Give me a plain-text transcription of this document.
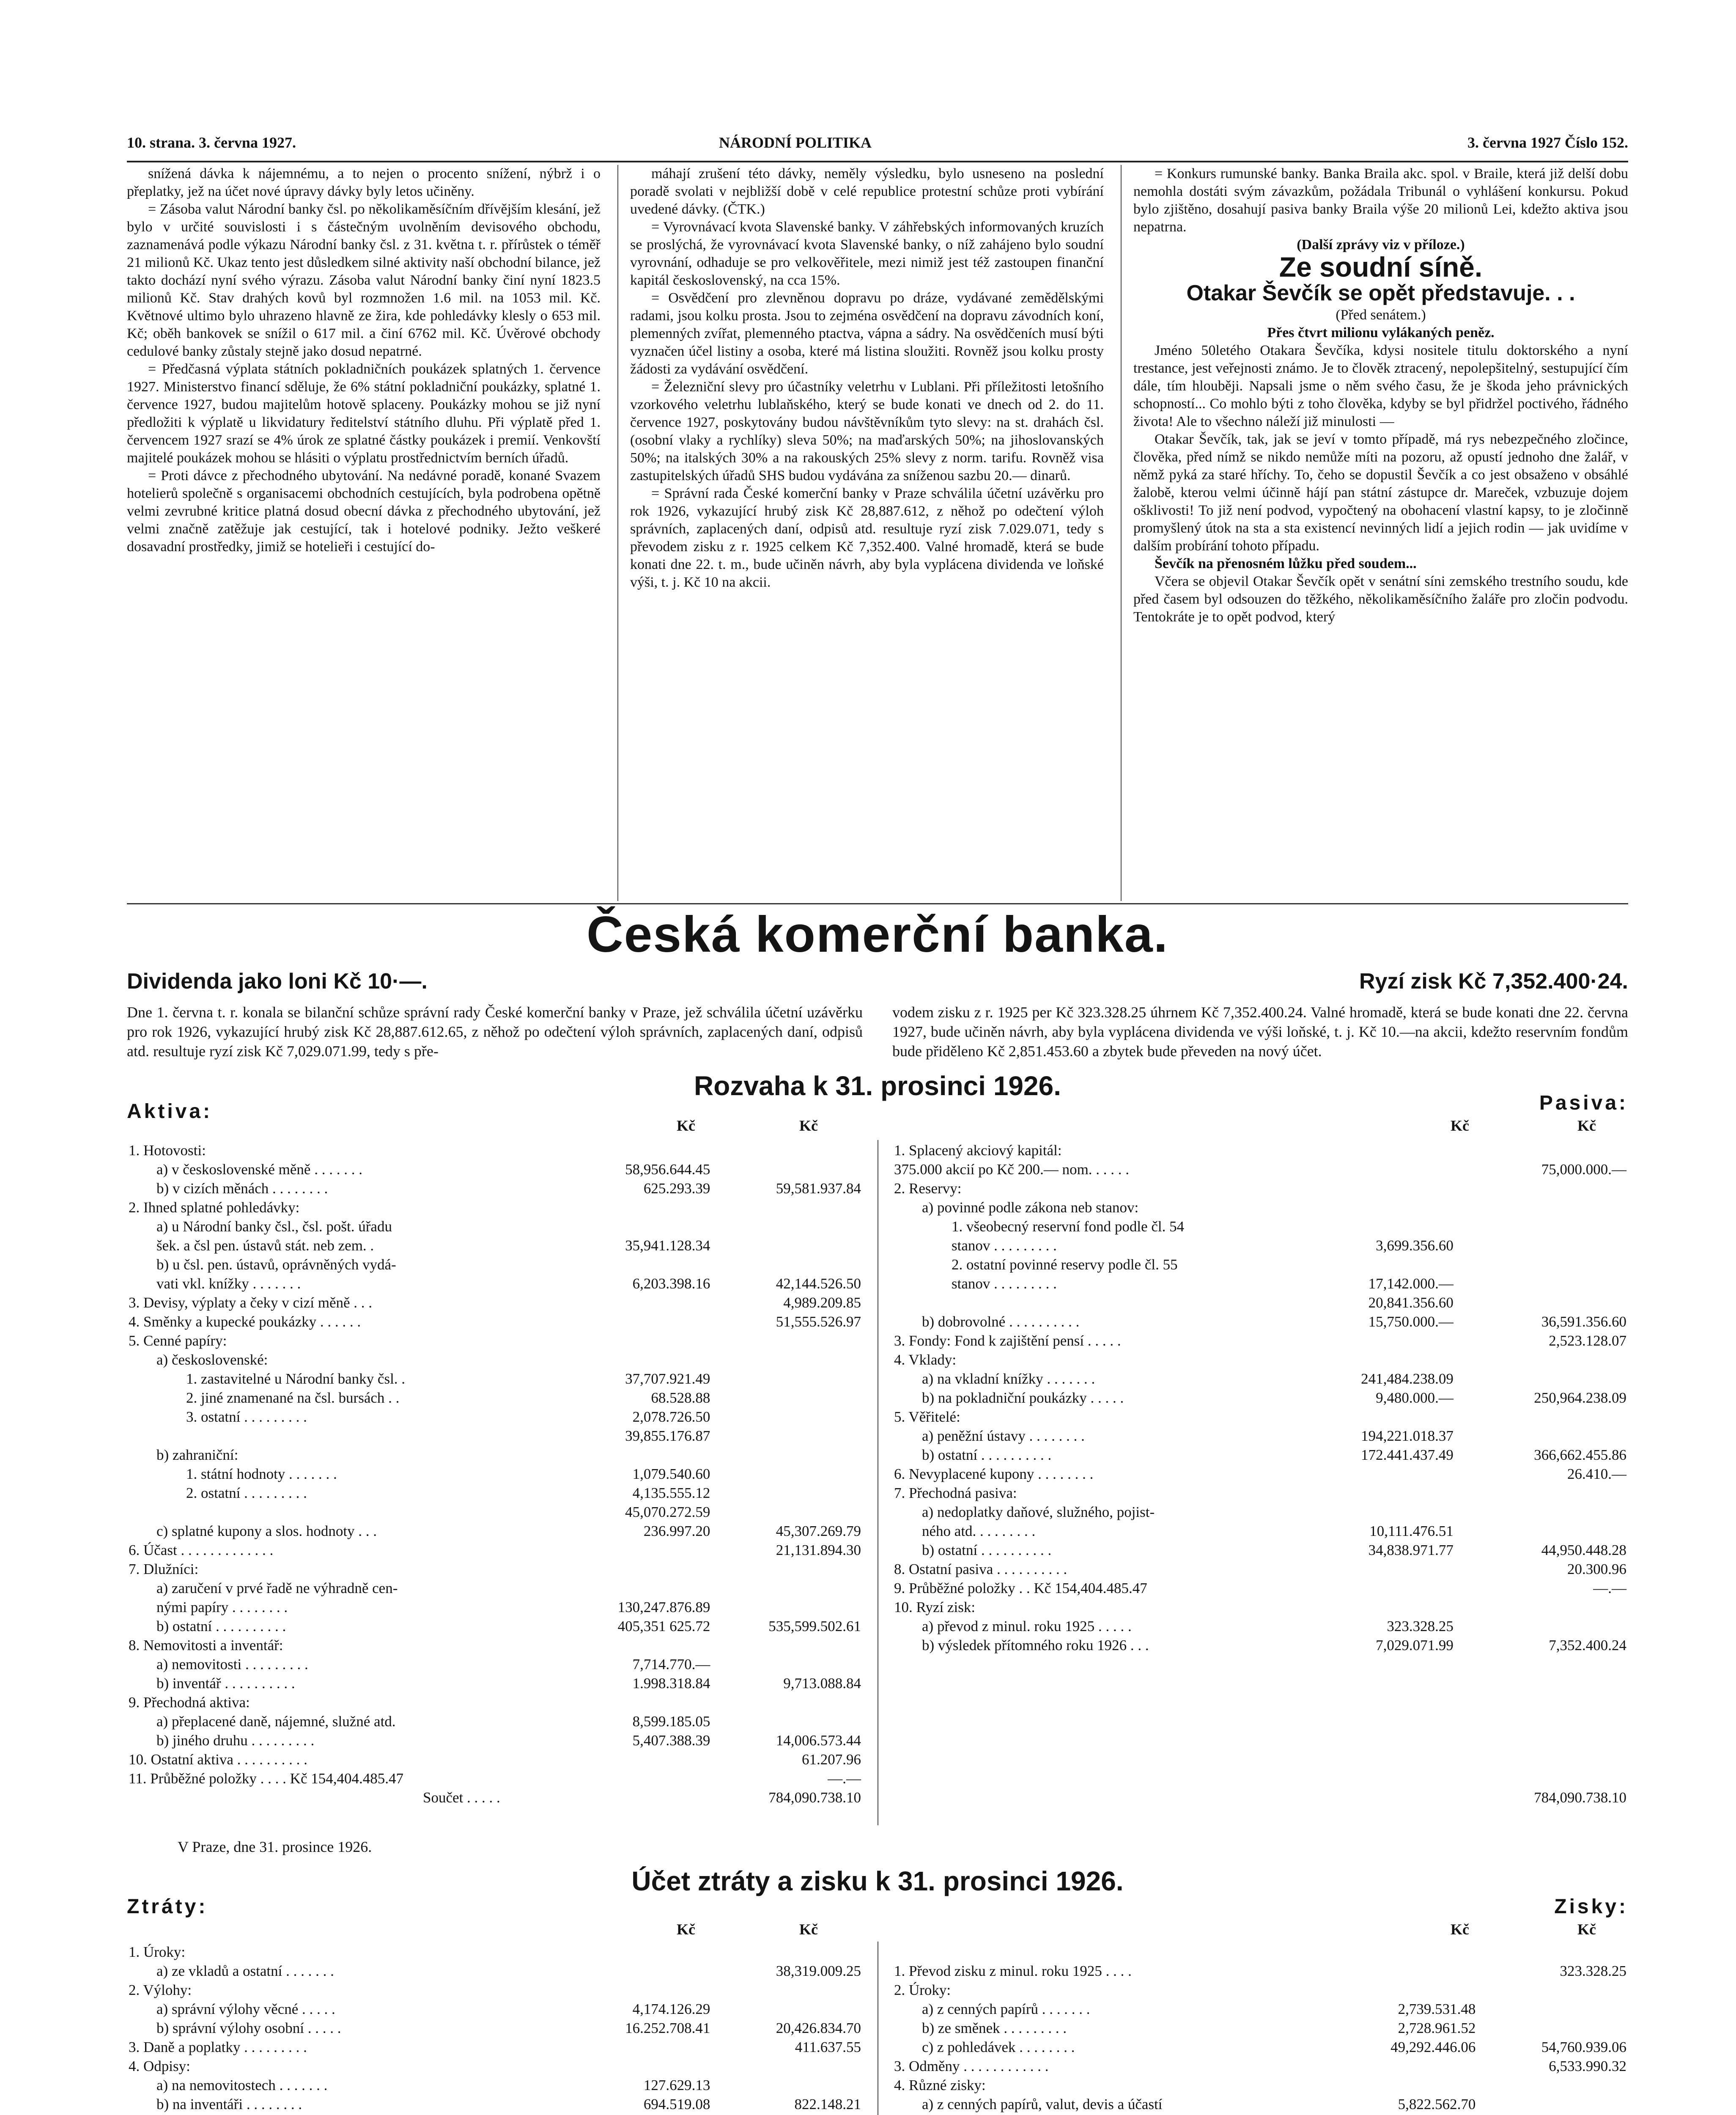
10. strana. 3. června 1927.	NÁRODNÍ POLITIKA	3. června 1927 Číslo 152.

snížená dávka k nájemnému, a to nejen o procento snížení, nýbrž i o přeplatky, jež na účet nové úpravy dávky byly letos učiněny.

= Zásoba valut Národní banky čsl. po několikaměsíčním dřívějším klesání, jež bylo v určité souvislosti i s částečným uvolněním devisového obchodu, zaznamenává podle výkazu Národní banky čsl. z 31. května t. r. přírůstek o téměř 21 milionů Kč. Ukaz tento jest důsledkem silné aktivity naší obchodní bilance, jež takto dochází nyní svého výrazu. Zásoba valut Národní banky činí nyní 1823.5 milionů Kč. Stav drahých kovů byl rozmnožen 1.6 mil. na 1053 mil. Kč. Květnové ultimo bylo uhrazeno hlavně ze žira, kde pohledávky klesly o 653 mil. Kč; oběh bankovek se snížil o 617 mil. a činí 6762 mil. Kč. Úvěrové obchody cedulové banky zůstaly stejně jako dosud nepatrné.

= Předčasná výplata státních pokladničních poukázek splatných 1. července 1927. Ministerstvo financí sděluje, že 6% státní pokladniční poukázky, splatné 1. července 1927, budou majitelům hotově splaceny. Poukázky mohou se již nyní předložiti k výplatě u likvidatury ředitelství státního dluhu. Při výplatě před 1. červencem 1927 srazí se 4% úrok ze splatné částky poukázek i premií. Venkovští majitelé poukázek mohou se hlásiti o výplatu prostřednictvím berních úřadů.

= Proti dávce z přechodného ubytování. Na nedávné poradě, konané Svazem hotelierů společně s organisacemi obchodních cestujících, byla podrobena opětně velmi zevrubné kritice platná dosud obecní dávka z přechodného ubytování, jež velmi značně zatěžuje jak cestující, tak i hotelové podniky. Ježto veškeré dosavadní prostředky, jimiž se hotelieři i cestující do-

máhají zrušení této dávky, neměly výsledku, bylo usneseno na poslední poradě svolati v nejbližší době v celé republice protestní schůze proti vybírání uvedené dávky. (ČTK.)

= Vyrovnávací kvota Slavenské banky. V záhřebských informovaných kruzích se proslýchá, že vyrovnávací kvota Slavenské banky, o níž zahájeno bylo soudní vyrovnání, odhaduje se pro velkověřitele, mezi nimiž jest též zastoupen finanční kapitál československý, na cca 15%.

= Osvědčení pro zlevněnou dopravu po dráze, vydávané zemědělskými radami, jsou kolku prosta. Jsou to zejména osvědčení na dopravu závodních koní, plemenných zvířat, plemenného ptactva, vápna a sádry. Na osvědčeních musí býti vyznačen účel listiny a osoba, které má listina sloužiti. Rovněž jsou kolku prosty žádosti za vydávání osvědčení.

= Železniční slevy pro účastníky veletrhu v Lublani. Při příležitosti letošního vzorkového veletrhu lublaňského, který se bude konati ve dnech od 2. do 11. července 1927, poskytovány budou návštěvníkům tyto slevy: na st. drahách čsl. (osobní vlaky a rychlíky) sleva 50%; na maďarských 50%; na jihoslovanských 50%; na italských 30% a na rakouských 25% slevy z norm. tarifu. Rovněž visa zastupitelských úřadů SHS budou vydávána za sníženou sazbu 20.— dinarů.

= Správní rada České komerční banky v Praze schválila účetní uzávěrku pro rok 1926, vykazující hrubý zisk Kč 28,887.612, z něhož po odečtení výloh správních, zaplacených daní, odpisů atd. resultuje ryzí zisk 7.029.071, tedy s převodem zisku z r. 1925 celkem Kč 7,352.400. Valné hromadě, která se bude konati dne 22. t. m., bude učiněn návrh, aby byla vyplácena dividenda ve loňské výši, t. j. Kč 10 na akcii.

= Konkurs rumunské banky. Banka Braila akc. spol. v Braile, která již delší dobu nemohla dostáti svým závazkům, požádala Tribunál o vyhlášení konkursu. Pokud bylo zjištěno, dosahují pasiva banky Braila výše 20 milionů Lei, kdežto aktiva jsou nepatrna.

(Další zprávy viz v příloze.)

Ze soudní síně.
Otakar Ševčík se opět představuje. . .
(Před senátem.)
Přes čtvrt milionu vylákaných peněz.

Jméno 50letého Otakara Ševčíka, kdysi nositele titulu doktorského a nyní trestance, jest veřejnosti známo. Je to člověk ztracený, nepolepšitelný, sestupující čím dále, tím hlouběji. Napsali jsme o něm svého času, že je škoda jeho právnických schopností... Co mohlo býti z toho člověka, kdyby se byl přidržel poctivého, řádného života! Ale to všechno náleží již minulosti —

Otakar Ševčík, tak, jak se jeví v tomto případě, má rys nebezpečného zločince, člověka, před nímž se nikdo nemůže míti na pozoru, až opustí jednoho dne žalář, v němž pyká za staré hříchy. To, čeho se dopustil Ševčík a co jest obsaženo v obsáhlé žalobě, kterou velmi účinně hájí pan státní zástupce dr. Mareček, vzbuzuje dojem ošklivosti! To již není podvod, vypočtený na obohacení vlastní kapsy, to je zločinně promyšlený útok na sta a sta existencí nevinných lidí a jejich rodin — jak uvidíme v dalším probírání tohoto případu.

Ševčík na přenosném lůžku před soudem...

Včera se objevil Otakar Ševčík opět v senátní síni zemského trestního soudu, kde před časem byl odsouzen do těžkého, několikaměsíčního žaláře pro zločin podvodu. Tentokráte je to opět podvod, který

Česká komerční banka.
Dividenda jako loni Kč 10·—.	Ryzí zisk Kč 7,352.400·24.
Dne 1. června t. r. konala se bilanční schůze správní rady České komerční banky v Praze, jež schválila účetní uzávěrku pro rok 1926, vykazující hrubý zisk Kč 28,887.612.65, z něhož po odečtení výloh správních, zaplacených daní, odpisů atd. resultuje ryzí zisk Kč 7,029.071.99, tedy s pře-
vodem zisku z r. 1925 per Kč 323.328.25 úhrnem Kč 7,352.400.24. Valné hromadě, která se bude konati dne 22. června 1927, bude učiněn návrh, aby byla vyplácena dividenda ve výši loňské, t. j. Kč 10.—na akcii, kdežto reservním fondům bude přiděleno Kč 2,851.453.60 a zbytek bude převeden na nový účet.
Rozvaha k 31. prosinci 1926.
Aktiva:	Pasiva:
Kč	Kč	Kč	Kč
1. Hotovosti:		
a) v československé měně . . . . . . .	58,956.644.45	
b) v cizích měnách . . . . . . . .	625.293.39	59,581.937.84
2. Ihned splatné pohledávky:		
a) u Národní banky čsl., čsl. pošt. úřadu		
šek. a čsl pen. ústavů stát. neb zem. .	35,941.128.34	
b) u čsl. pen. ústavů, oprávněných vydá-		
vati vkl. knížky . . . . . . .	6,203.398.16	42,144.526.50
3. Devisy, výplaty a čeky v cizí měně . . .		4,989.209.85
4. Směnky a kupecké poukázky . . . . . .		51,555.526.97
5. Cenné papíry:		
a) československé:		
1. zastavitelné u Národní banky čsl. .	37,707.921.49	
2. jiné znamenané na čsl. bursách . .	68.528.88	
3. ostatní . . . . . . . . .	2,078.726.50	
	39,855.176.87	
b) zahraniční:		
1. státní hodnoty . . . . . . .	1,079.540.60	
2. ostatní . . . . . . . . .	4,135.555.12	
	45,070.272.59	
c) splatné kupony a slos. hodnoty . . .	236.997.20	45,307.269.79
6. Účast . . . . . . . . . . . . .		21,131.894.30
7. Dlužníci:		
a) zaručení v prvé řadě ne výhradně cen-		
nými papíry . . . . . . . .	130,247.876.89	
b) ostatní . . . . . . . . . .	405,351 625.72	535,599.502.61
8. Nemovitosti a inventář:		
a) nemovitosti . . . . . . . . .	7,714.770.—	
b) inventář . . . . . . . . . .	1.998.318.84	9,713.088.84
9. Přechodná aktiva:		
a) přeplacené daně, nájemné, služné atd.	8,599.185.05	
b) jiného druhu . . . . . . . . .	5,407.388.39	14,006.573.44
10. Ostatní aktiva . . . . . . . . . .		61.207.96
11. Průběžné položky . . . . Kč 154,404.485.47		—.—
Součet . . . . .		784,090.738.10
1. Splacený akciový kapitál:		
375.000 akcií po Kč 200.— nom. . . . . .		75,000.000.—
2. Reservy:		
a) povinné podle zákona neb stanov:		
1. všeobecný reservní fond podle čl. 54		
stanov . . . . . . . . .	3,699.356.60	
2. ostatní povinné reservy podle čl. 55		
stanov . . . . . . . . .	17,142.000.—	
	20,841.356.60	
b) dobrovolné . . . . . . . . . .	15,750.000.—	36,591.356.60
3. Fondy: Fond k zajištění pensí . . . . .		2,523.128.07
4. Vklady:		
a) na vkladní knížky . . . . . . .	241,484.238.09	
b) na pokladniční poukázky . . . . .	9,480.000.—	250,964.238.09
5. Věřitelé:		
a) peněžní ústavy . . . . . . . .	194,221.018.37	
b) ostatní . . . . . . . . . .	172.441.437.49	366,662.455.86
6. Nevyplacené kupony . . . . . . . .		26.410.—
7. Přechodná pasiva:		
a) nedoplatky daňové, služného, pojist-		
ného atd. . . . . . . . .	10,111.476.51	
b) ostatní . . . . . . . . . .	34,838.971.77	44,950.448.28
8. Ostatní pasiva . . . . . . . . . .		20.300.96
9. Průběžné položky . . Kč 154,404.485.47		—.—
10. Ryzí zisk:		
a) převod z minul. roku 1925 . . . . .	323.328.25	
b) výsledek přítomného roku 1926 . . .	7,029.071.99	7,352.400.24

		784,090.738.10
V Praze, dne 31. prosince 1926.
Účet ztráty a zisku k 31. prosinci 1926.
Ztráty:	Zisky:
Kč	Kč	Kč	Kč
1. Úroky:		
a) ze vkladů a ostatní . . . . . . .		38,319.009.25
2. Výlohy:		
a) správní výlohy věcné . . . . .	4,174.126.29	
b) správní výlohy osobní . . . . .	16.252.708.41	20,426.834.70
3. Daně a poplatky . . . . . . . . .		411.637.55
4. Odpisy:		
a) na nemovitostech . . . . . . .	127.629.13	
b) na inventáři . . . . . . . .	694.519.08	822.148.21

1. Převod zisku z minul. roku 1925 . . . .		323.328.25
2. Úroky:		
a) z cenných papírů . . . . . . .	2,739.531.48	
b) ze směnek . . . . . . . . .	2,728.961.52	
c) z pohledávek . . . . . . . .	49,292.446.06	54,760.939.06
3. Odměny . . . . . . . . . . . .		6,533.990.32
4. Různé zisky:		
a) z cenných papírů, valut, devis a účastí	5,822.562.70	
